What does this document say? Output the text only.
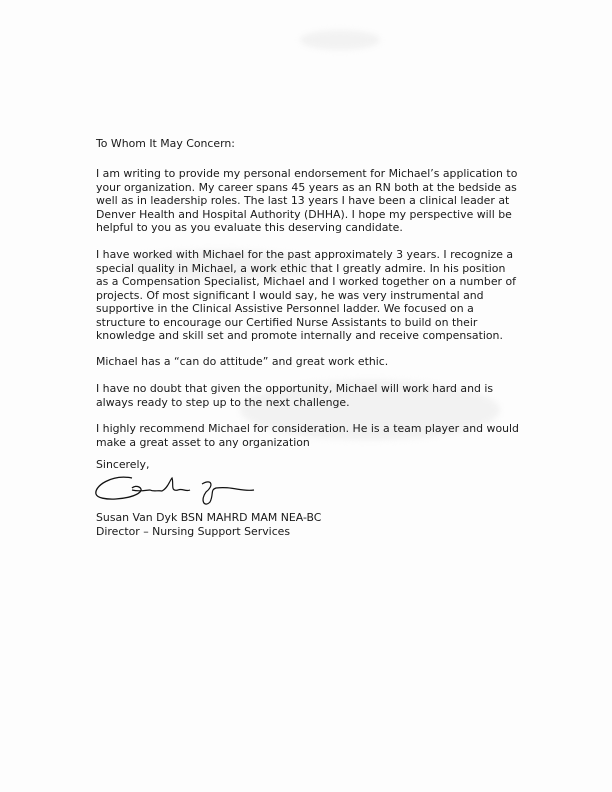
To Whom It May Concern:
I am writing to provide my personal endorsement for Michael’s application to
your organization. My career spans 45 years as an RN both at the bedside as
well as in leadership roles. The last 13 years I have been a clinical leader at
Denver Health and Hospital Authority (DHHA). I hope my perspective will be
helpful to you as you evaluate this deserving candidate.
I have worked with Michael for the past approximately 3 years. I recognize a
special quality in Michael, a work ethic that I greatly admire. In his position
as a Compensation Specialist, Michael and I worked together on a number of
projects. Of most significant I would say, he was very instrumental and
supportive in the Clinical Assistive Personnel ladder. We focused on a
structure to encourage our Certified Nurse Assistants to build on their
knowledge and skill set and promote internally and receive compensation.
Michael has a “can do attitude” and great work ethic.
I have no doubt that given the opportunity, Michael will work hard and is
always ready to step up to the next challenge.
I highly recommend Michael for consideration. He is a team player and would
make a great asset to any organization
Sincerely,
Susan Van Dyk BSN MAHRD MAM NEA-BC
Director – Nursing Support Services
